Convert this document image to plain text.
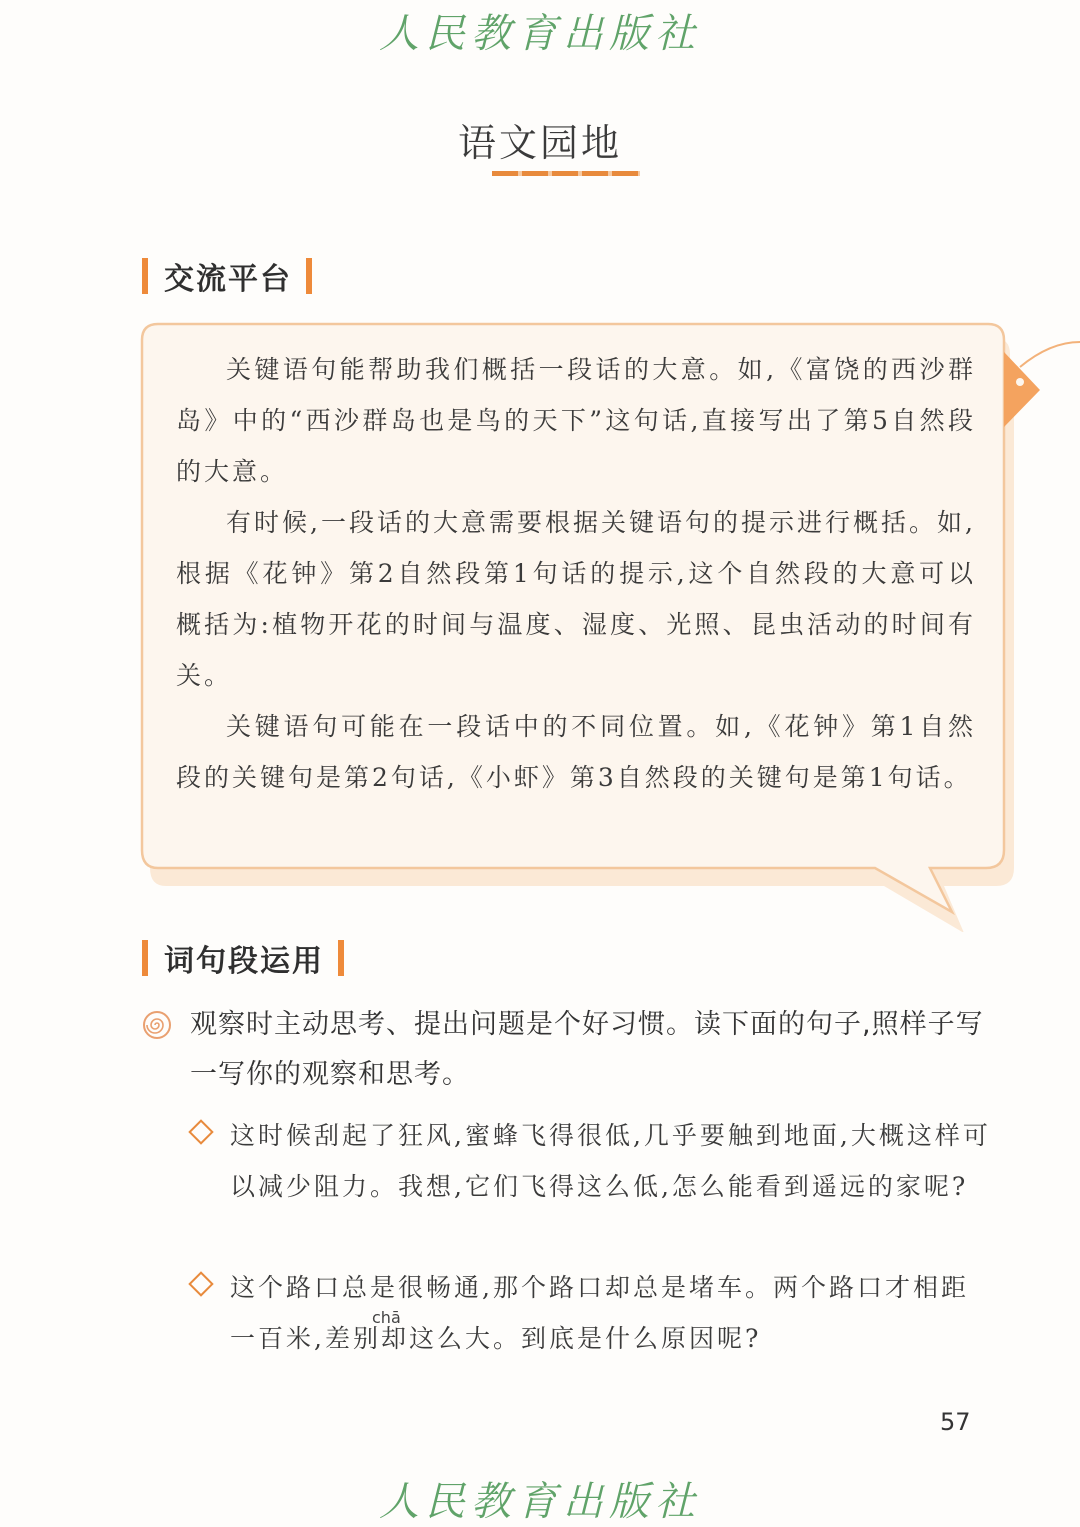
人民教育出版社
语文园地
交流平台

关键语句能帮助我们概括一段话的大意。如,《富饶的西沙群岛》中的“西沙群岛也是鸟的天下”这句话,直接写出了第5自然段的大意。

有时候,一段话的大意需要根据关键语句的提示进行概括。如,根据《花钟》第2自然段第1句话的提示,这个自然段的大意可以概括为:植物开花的时间与温度、湿度、光照、昆虫活动的时间有关。

关键语句可能在一段话中的不同位置。如,《花钟》第1自然段的关键句是第2句话,《小虾》第3自然段的关键句是第1句话。

词句段运用
观察时主动思考、提出问题是个好习惯。读下面的句子,照样子写一写你的观察和思考。
这时候刮起了狂风,蜜蜂飞得很低,几乎要触到地面,大概这样可以减少阻力。我想,它们飞得这么低,怎么能看到遥远的家呢?
这个路口总是很畅通,那个路口却总是堵车。两个路口才相距一百米,差别却这么大。到底是什么原因呢?
chā
57
人民教育出版社
